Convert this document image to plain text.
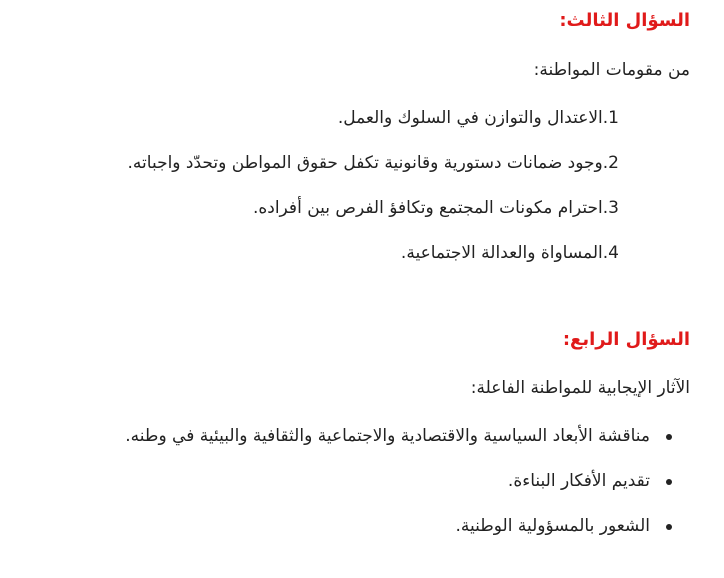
السؤال الثالث:

من مقومات المواطنة:

1.الاعتدال والتوازن في السلوك والعمل.

2.وجود ضمانات دستورية وقانونية تكفل حقوق المواطن وتحدّد واجباته.

3.احترام مكونات المجتمع وتكافؤ الفرص بين أفراده.

4.المساواة والعدالة الاجتماعية.

السؤال الرابع:

الآثار الإيجابية للمواطنة الفاعلة:

مناقشة الأبعاد السياسية والاقتصادية والاجتماعية والثقافية والبيئية في وطنه.

تقديم الأفكار البناءة.

الشعور بالمسؤولية الوطنية.
